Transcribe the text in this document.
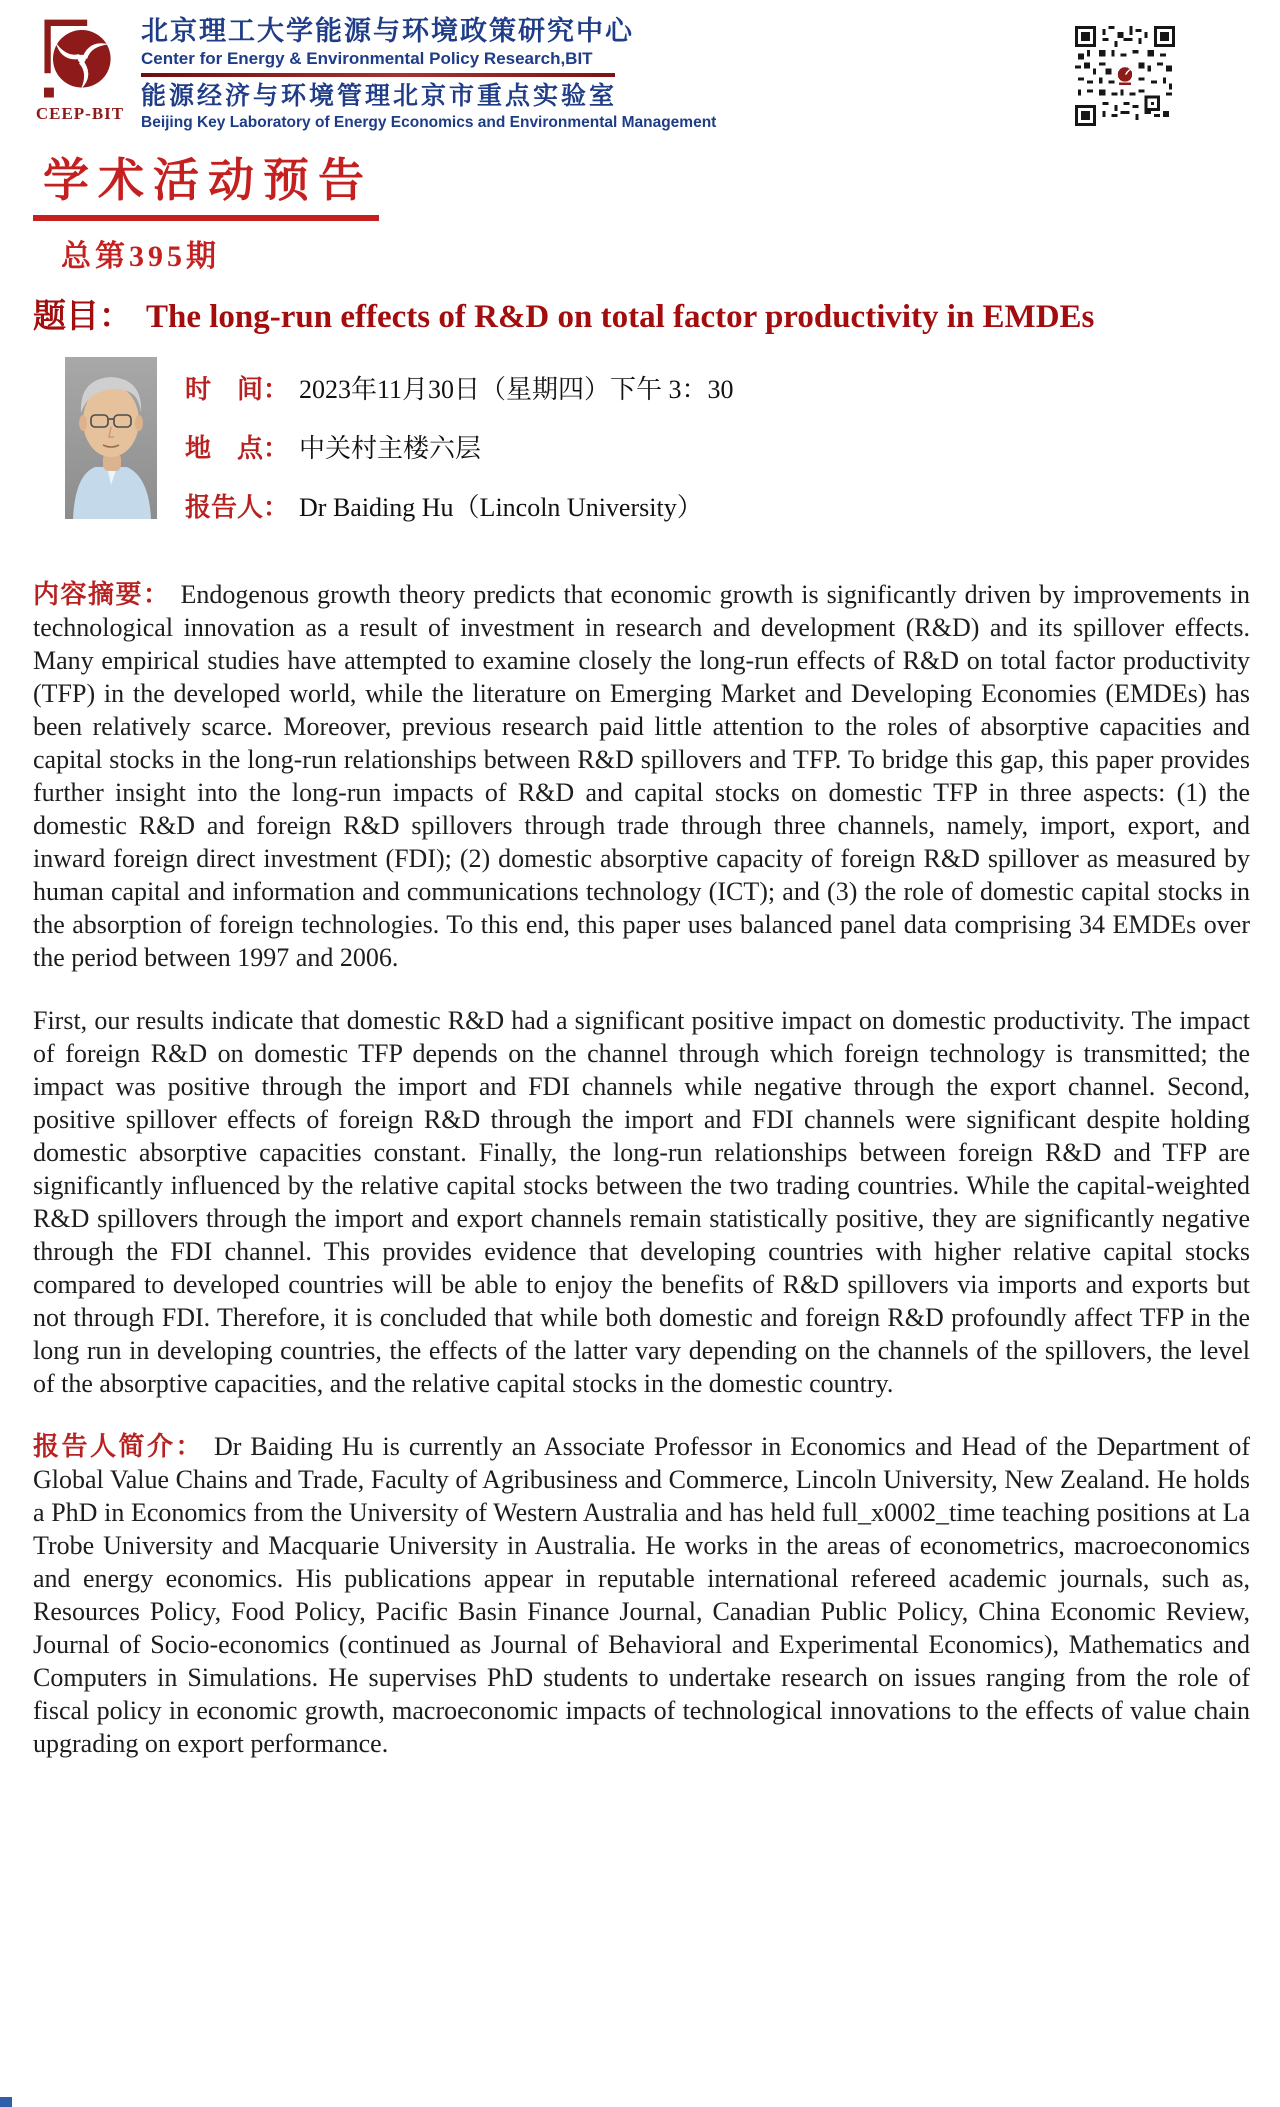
CEEP-BIT
北京理工大学能源与环境政策研究中心
Center for Energy & Environmental Policy Research,BIT
能源经济与环境管理北京市重点实验室
Beijing Key Laboratory of Energy Economics and Environmental Management
学术活动预告
总第395期
题目： The long-run effects of R&D on total factor productivity in EMDEs
时　间： 2023年11月30日（星期四）下午 3：30
地　点： 中关村主楼六层
报告人： Dr Baiding Hu（Lincoln University）

内容摘要： Endogenous growth theory predicts that economic growth is significantly driven by improvements in technological innovation as a result of investment in research and development (R&D) and its spillover effects. Many empirical studies have attempted to examine closely the long-run effects of R&D on total factor productivity (TFP) in the developed world, while the literature on Emerging Market and Developing Economies (EMDEs) has been relatively scarce. Moreover, previous research paid little attention to the roles of absorptive capacities and capital stocks in the long-run relationships between R&D spillovers and TFP. To bridge this gap, this paper provides further insight into the long-run impacts of R&D and capital stocks on domestic TFP in three aspects: (1) the domestic R&D and foreign R&D spillovers through trade through three channels, namely, import, export, and inward foreign direct investment (FDI); (2) domestic absorptive capacity of foreign R&D spillover as measured by human capital and information and communications technology (ICT); and (3) the role of domestic capital stocks in the absorption of foreign technologies. To this end, this paper uses balanced panel data comprising 34 EMDEs over the period between 1997 and 2006.

First, our results indicate that domestic R&D had a significant positive impact on domestic productivity. The impact of foreign R&D on domestic TFP depends on the channel through which foreign technology is transmitted; the impact was positive through the import and FDI channels while negative through the export channel. Second, positive spillover effects of foreign R&D through the import and FDI channels were significant despite holding domestic absorptive capacities constant. Finally, the long-run relationships between foreign R&D and TFP are significantly influenced by the relative capital stocks between the two trading countries. While the capital-weighted R&D spillovers through the import and export channels remain statistically positive, they are significantly negative through the FDI channel. This provides evidence that developing countries with higher relative capital stocks compared to developed countries will be able to enjoy the benefits of R&D spillovers via imports and exports but not through FDI. Therefore, it is concluded that while both domestic and foreign R&D profoundly affect TFP in the long run in developing countries, the effects of the latter vary depending on the channels of the spillovers, the level of the absorptive capacities, and the relative capital stocks in the domestic country.

报告人简介： Dr Baiding Hu is currently an Associate Professor in Economics and Head of the Department of Global Value Chains and Trade, Faculty of Agribusiness and Commerce, Lincoln University, New Zealand. He holds a PhD in Economics from the University of Western Australia and has held full_x0002_time teaching positions at La Trobe University and Macquarie University in Australia. He works in the areas of econometrics, macroeconomics and energy economics. His publications appear in reputable international refereed academic journals, such as, Resources Policy, Food Policy, Pacific Basin Finance Journal, Canadian Public Policy, China Economic Review, Journal of Socio-economics (continued as Journal of Behavioral and Experimental Economics), Mathematics and Computers in Simulations. He supervises PhD students to undertake research on issues ranging from the role of fiscal policy in economic growth, macroeconomic impacts of technological innovations to the effects of value chain upgrading on export performance.
